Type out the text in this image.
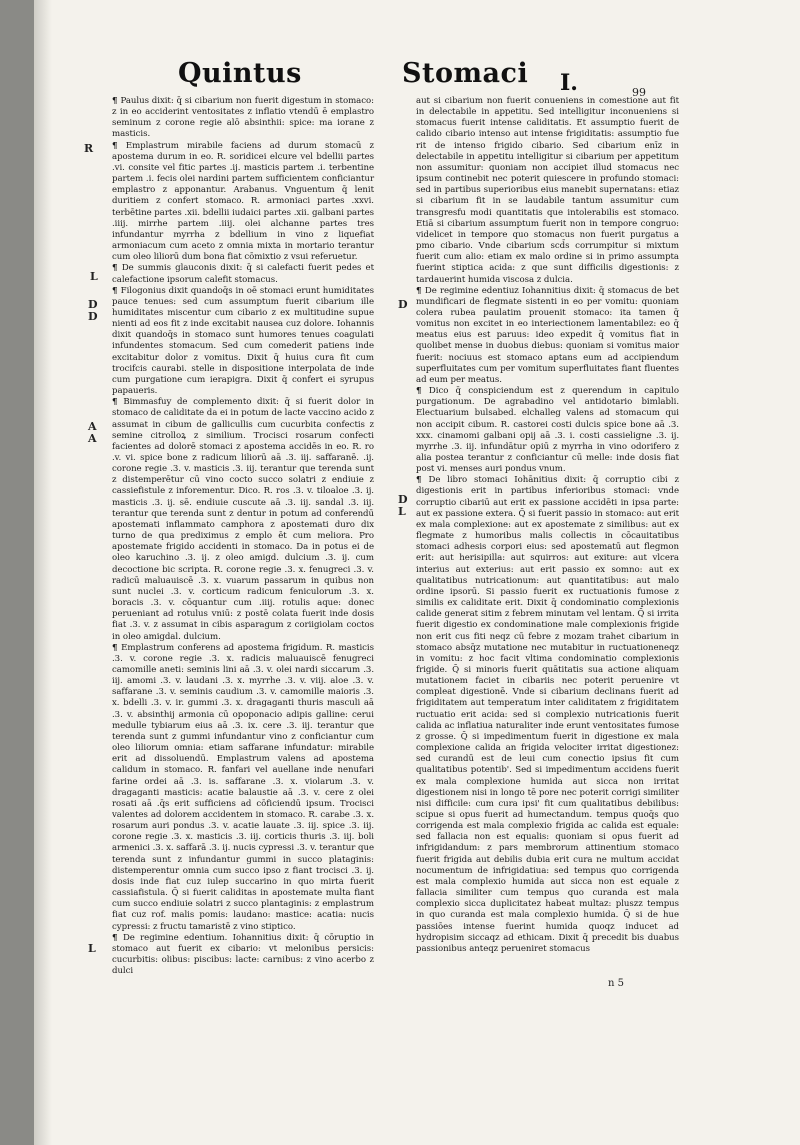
Quintus	Stomaci I.	99
R
L
D
D
A
A
L
D
D
L

¶ Paulus dixit: q̄ si cibarium non fuerit digestum in stomaco: z in eo acciderint ventositates z inflatio vtendū ē emplastro seminum z corone regie alō absinthii: spice: ma iorane z masticis.

¶ Emplastrum mirabile faciens ad durum stomacū z apostema durum in eo. R. soridicei elcure vel bdellii partes .vi. consite vel fitic partes .ij. masticis partem .i. terbentine partem .i. fecis olei nardini partem sufficientem conficiantur emplastro z apponantur. Arabanus. Vnguentum q̄ lenit duritiem z confert stomaco. R. armoniaci partes .xxvi. terbētine partes .xii. bdellii iudaici partes .xii. galbani partes .iiij. mirrhe partem .iiij. olei alchanne partes tres infundantur myrrha z bdellium in vino z liquefiat armoniacum cum aceto z omnia mixta in mortario terantur cum oleo liliorū dum bona fiat cōmixtio z vsui referuetur.

¶ De summis glauconis dixit: q̄ si calefacti fuerit pedes et calefactione ipsorum calefit stomacus.

¶ Filogonius dixit quandoq̄s in oē stomaci erunt humiditates pauce tenues: sed cum assumptum fuerit cibarium ille humiditates miscentur cum cibario z ex multitudine supue nienti ad eos fit z inde excitabit nausea cuz dolore. Iohannis dixit quandoq̄s in stomaco sunt humores tenues coagulati infundentes stomacum. Sed cum comederit patiens inde excitabitur dolor z vomitus. Dixit q̄ huius cura fit cum trocifcis caurabi. stelle in dispositione interpolata de inde cum purgatione cum ierapigra. Dixit q̄ confert ei syrupus papaueris.

¶ Bimmasfuy de complemento dixit: q̄ si fuerit dolor in stomaco de caliditate da ei in potum de lacte vaccino acido z assumat in cibum de gallicullis cum cucurbita confectis z semine citrolloꝝ z similium. Trocisci rosarum confecti facientes ad dolorē stomaci z apostema accidēs in eo. R. ro .v. vi. spice bone z radicum liliorū aā .3. iij. saffaranē. .ij. corone regie .3. v. masticis .3. iij. terantur que terenda sunt z distemperētur cū vino cocto succo solatri z endiuie z cassiefistule z inforementur. Dico. R. ros .3. v. tiloaloe .3. ij. masticis .3. ij. sē. endiuie cuscute aā .3. iij. sandal .3. iij. terantur que terenda sunt z dentur in potum ad conferendū apostemati inflammato camphora z apostemati duro dix turno de qua prediximus z emplo ēt cum meliora. Pro apostemate frigido accidenti in stomaco. Da in potus ei de oleo karuchino .3. ij. z oleo amigd. dulcium .3. ij. cum decoctione bic scripta. R. corone regie .3. x. fenugreci .3. v. radicū maluauiscē .3. x. vuarum passarum in quibus non sunt nuclei .3. v. corticum radicum feniculorum .3. x. boracis .3. v. cōquantur cum .iiij. rotulis aque: donec perueniant ad rotulus vniū: z postē colata fuerit inde dosis fiat .3. v. z assumat in cibis asparagum z coriigiolam coctos in oleo amigdal. dulcium.

¶ Emplastrum conferens ad apostema frigidum. R. masticis .3. v. corone regie .3. x. radicis maluauiscē fenugreci camomille aneti: seminis lini aā .3. v. olei nardi siccarum .3. iij. amomi .3. v. laudani .3. x. myrrhe .3. v. viij. aloe .3. v. saffarane .3. v. seminis caudium .3. v. camomille maioris .3. x. bdelli .3. v. ir. gummi .3. x. dragaganti thuris masculi aā .3. v. absinthij armonia cū opoponacio adipis galline: cerui medulle tybiarum eius aā .3. ix. cere .3. iij. terantur que terenda sunt z gummi infundantur vino z conficiantur cum oleo liliorum omnia: etiam saffarane infundatur: mirabile erit ad dissoluendū. Emplastrum valens ad apostema calidum in stomaco. R. fanfari vel auellane inde nenufari farine ordei aā .3. is. saffarane .3. x. violarum .3. v. dragaganti masticis: acatie balaustie aā .3. v. cere z olei rosati aā .q̄s erit sufficiens ad cōficiendū ipsum. Trocisci valentes ad dolorem accidentem in stomaco. R. carabe .3. x. rosarum auri pondus .3. v. acatie lauate .3. iij. spice .3. iij. corone regie .3. x. masticis .3. iij. corticis thuris .3. iij. boli armenici .3. x. saffarā .3. ij. nucis cypressi .3. v. terantur que terenda sunt z infundantur gummi in succo plataginis: distemperentur omnia cum succo ipso z fiant trocisci .3. ij. dosis inde fiat cuz iulep succarino in quo mirta fuerit cassiafistula. Q̄ si fuerit caliditas in apostemate multa fiant cum succo endiuie solatri z succo plantaginis: z emplastrum fiat cuz rof. malis pomis: laudano: mastice: acatia: nucis cypressi: z fructu tamaristē z vino stiptico.

¶ De regimine edentium. Iohannitius dixit: q̄ cōruptio in stomaco aut fuerit ex cibario: vt melonibus persicis: cucurbitis: olibus: piscibus: lacte: carnibus: z vino acerbo z dulci

aut si cibarium non fuerit conueniens in comestione aut fit in delectabile in appetitu. Sed intelligitur inconueniens si stomacus fuerit intense caliditatis. Et assumptio fuerit de calido cibario intenso aut intense frigiditatis: assumptio fue rit de intenso frigido cibario. Sed cibarium enīz in delectabile in appetitu intelligitur si cibarium per appetitum non assumitur: quoniam non accipiet illud stomacus nec ipsum continebit nec poterit quiescere in profundo stomaci: sed in partibus superioribus eius manebit supernatans: etiaz si cibarium fit in se laudabile tantum assumitur cum transgresfu modi quantitatis que intolerabilis est stomaco. Etiā si cibarium assumptum fuerit non in tempore congruo: videlicet in tempore quo stomacus non fuerit purgatus a pmo cibario. Vnde cibarium scd̄s corrumpitur si mixtum fuerit cum alio: etiam ex malo ordine si in primo assumpta fuerint stiptica acida: z que sunt difficilis digestionis: z tardauerint humida viscosa z dulcia.

¶ De regimine edentiuz Iohannitius dixit: q̄ stomacus de bet mundificari de flegmate sistenti in eo per vomitu: quoniam colera rubea paulatim prouenit stomaco: ita tamen q̄ vomitus non excitet in eo interiectionem lamentabilez: eo q̄ meatus eius est paruus: ideo expedit q̄ vomitus fiat in quolibet mense in duobus diebus: quoniam si vomitus maior fuerit: nociuus est stomaco aptans eum ad accipiendum superfluitates cum per vomitum superfluitates fiant fluentes ad eum per meatus.

¶ Dico q̄ conspiciendum est z querendum in capitulo purgationum. De agrabadino vel antidotario bimlabli. Electuarium bulsabed. elchalleg valens ad stomacum qui non accipit cibum. R. castorei costi dulcis spice bone aā .3. xxx. cinamomi galbani opij aā .3. i. costi cassieligne .3. ij. myrrhe .3. iij. infundātur opiū z myrrha in vino odorifero z alia postea terantur z conficiantur cū melle: inde dosis fiat post vi. menses auri pondus vnum.

¶ De libro stomaci Iohānitius dixit: q̄ corruptio cibi z digestionis erit in partibus inferioribus stomaci: vnde corruptio cibariū aut erit ex passione accidēti in ipsa parte: aut ex passione extera. Q̄ si fuerit passio in stomaco: aut erit ex mala complexione: aut ex apostemate z similibus: aut ex flegmate z humoribus malis collectis in cōcauitatibus stomaci adhesis corpori eius: sed apostematū aut flegmon erit: aut herisipilla: aut squirros: aut exiture: aut vlcera interius aut exterius: aut erit passio ex somno: aut ex qualitatibus nutricationum: aut quantitatibus: aut malo ordine ipsorū. Si passio fuerit ex ructuationis fumose z similis ex caliditate erit. Dixit q̄ condominatio complexionis calide generat sitim z febrem minutam vel lentam. Q̄ si irrita fuerit digestio ex condominatione male complexionis frigide non erit cus fiti neqz cū febre z mozam trahet cibarium in stomaco absq̄z mutatione nec mutabitur in ructuationeneqz in vomitu: z hoc facit vltima condominatio complexionis frigide. Q̄ si minoris fuerit quātitatis sua actione aliquam mutationem faciet in cibariis nec poterit peruenire vt compleat digestionē. Vnde si cibarium declinans fuerit ad frigiditatem aut temperatum inter caliditatem z frigiditatem ructuatio erit acida: sed si complexio nutricationis fuerit calida ac inflatiua naturaliter inde erunt ventositates fumose z grosse. Q̄ si impedimentum fuerit in digestione ex mala complexione calida an frigida velociter irritat digestionez: sed curandū est de leui cum conectio ipsius fit cum qualitatibus potentib'. Sed si impedimentum accidens fuerit ex mala complexione humida aut sicca non irritat digestionem nisi in longo tē pore nec poterit corrigi similiter nisi difficile: cum cura ipsi' fit cum qualitatibus debilibus: scipue si opus fuerit ad humectandum. tempus quoq̄s quo corrigenda est mala complexio frigida ac calida est equale: sed fallacia non est equalis: quoniam si opus fuerit ad infrigidandum: z pars membrorum attinentium stomaco fuerit frigida aut debilis dubia erit cura ne multum accidat nocumentum de infrigidatiua: sed tempus quo corrigenda est mala complexio humida aut sicca non est equale z fallacia similiter cum tempus quo curanda est mala complexio sicca duplicitatez habeat multaz: pluszz tempus in quo curanda est mala complexio humida. Q̄ si de hue passiōes intense fuerint humida quoqz inducet ad hydropisim siccaqz ad ethicam. Dixit q̄ precedit bis duabus passionibus anteqz perueniret stomacus

n 5
